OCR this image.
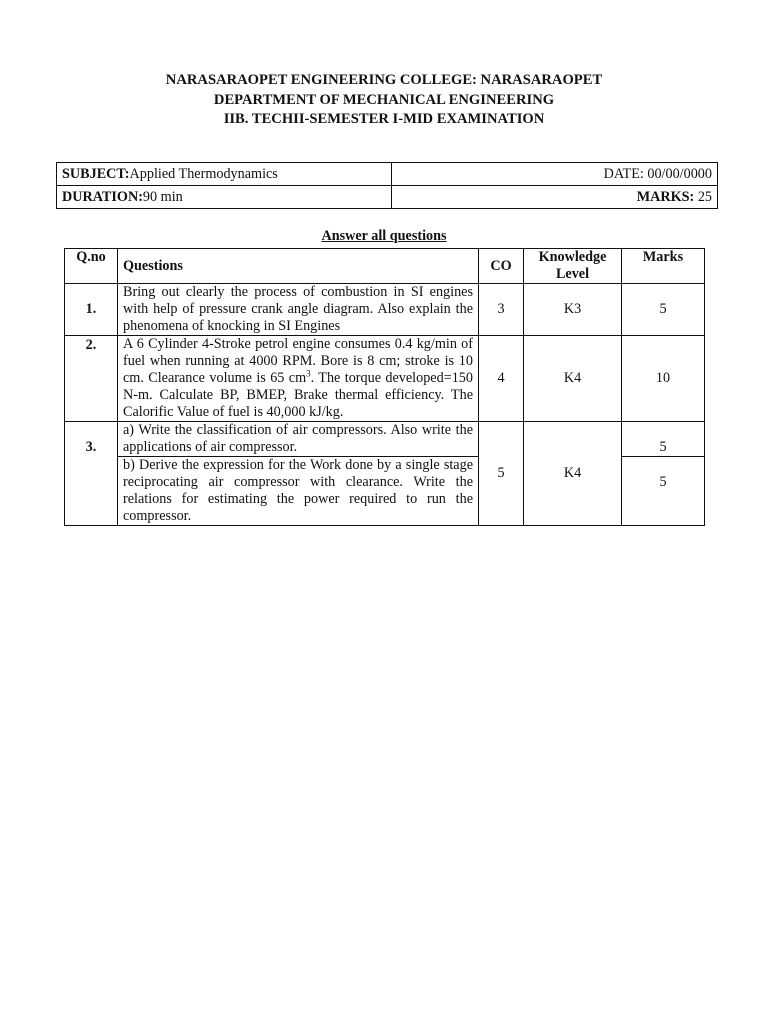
NARASARAOPET ENGINEERING COLLEGE: NARASARAOPET
DEPARTMENT OF MECHANICAL ENGINEERING
IIB. TECHII-SEMESTER I-MID EXAMINATION
SUBJECT:Applied Thermodynamics	DATE: 00/00/0000
DURATION:90 min	MARKS: 25
Answer all questions
Q.no	Questions	CO	Knowledge Level	Marks
1.	Bring out clearly the process of combustion in SI engines with help of pressure crank angle diagram. Also explain the phenomena of knocking in SI Engines	3	K3	5
2.	A 6 Cylinder 4-Stroke petrol engine consumes 0.4 kg/min of fuel when running at 4000 RPM. Bore is 8 cm; stroke is 10 cm. Clearance volume is 65 $cm^3$. The torque developed=150 N-m. Calculate BP, BMEP, Brake thermal efficiency. The Calorific Value of fuel is 40,000 kJ/kg.	4	K4	10
3.	a) Write the classification of air compressors. Also write the applications of air compressor.	5	K4	5
	b) Derive the expression for the Work done by a single stage reciprocating air compressor with clearance. Write the relations for estimating the power required to run the compressor.			5
